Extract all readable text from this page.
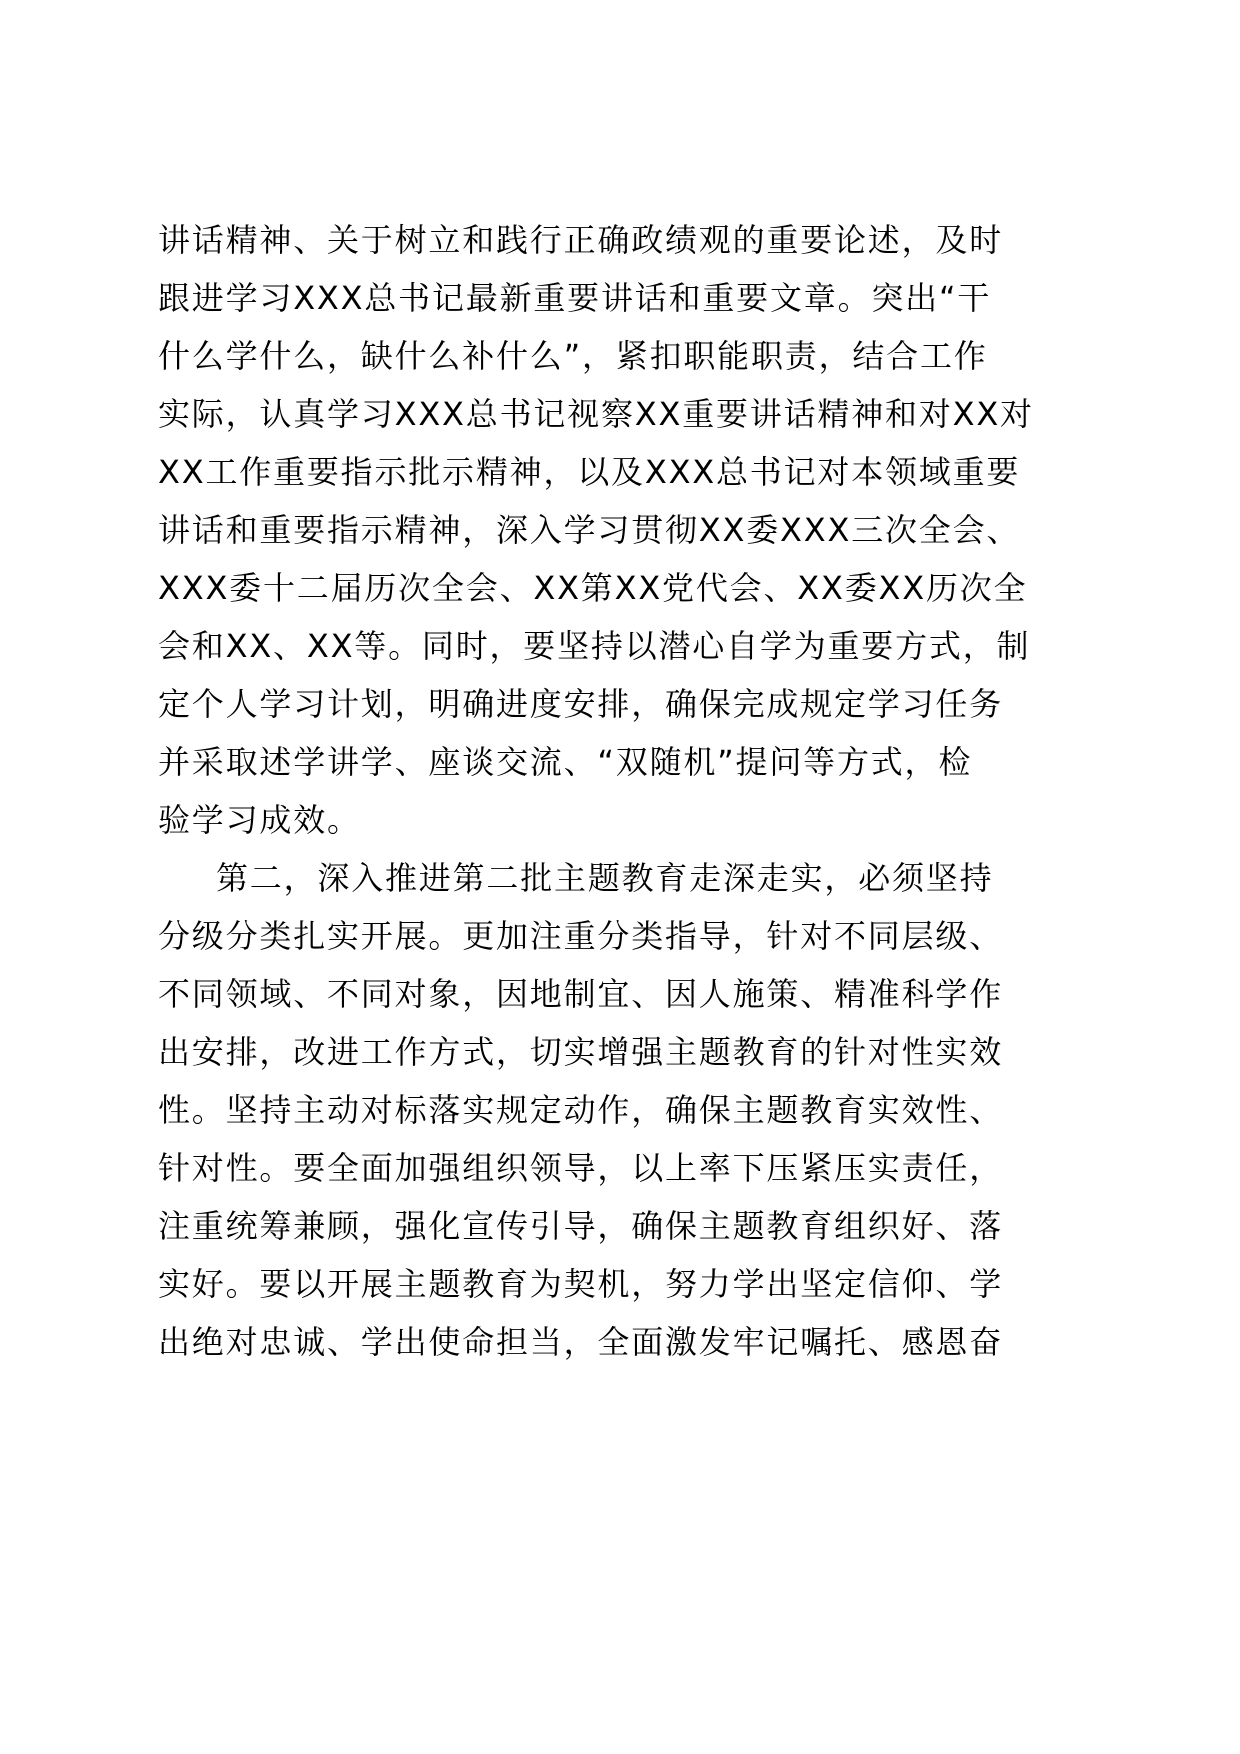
讲话精神、关于树立和践行正确政绩观的重要论述，及时
跟进学习XXX总书记最新重要讲话和重要文章。突出“干
什么学什么，缺什么补什么”，紧扣职能职责，结合工作
实际，认真学习XXX总书记视察XX重要讲话精神和对XX对
XX工作重要指示批示精神，以及XXX总书记对本领域重要
讲话和重要指示精神，深入学习贯彻XX委XXX三次全会、
XXX委十二届历次全会、XX第XX党代会、XX委XX历次全
会和XX、XX等。同时，要坚持以潜心自学为重要方式，制
定个人学习计划，明确进度安排，确保完成规定学习任务
并采取述学讲学、座谈交流、“双随机”提问等方式，检
验学习成效。
第二，深入推进第二批主题教育走深走实，必须坚持
分级分类扎实开展。更加注重分类指导，针对不同层级、
不同领域、不同对象，因地制宜、因人施策、精准科学作
出安排，改进工作方式，切实增强主题教育的针对性实效
性。坚持主动对标落实规定动作，确保主题教育实效性、
针对性。要全面加强组织领导，以上率下压紧压实责任，
注重统筹兼顾，强化宣传引导，确保主题教育组织好、落
实好。要以开展主题教育为契机，努力学出坚定信仰、学
出绝对忠诚、学出使命担当，全面激发牢记嘱托、感恩奋
